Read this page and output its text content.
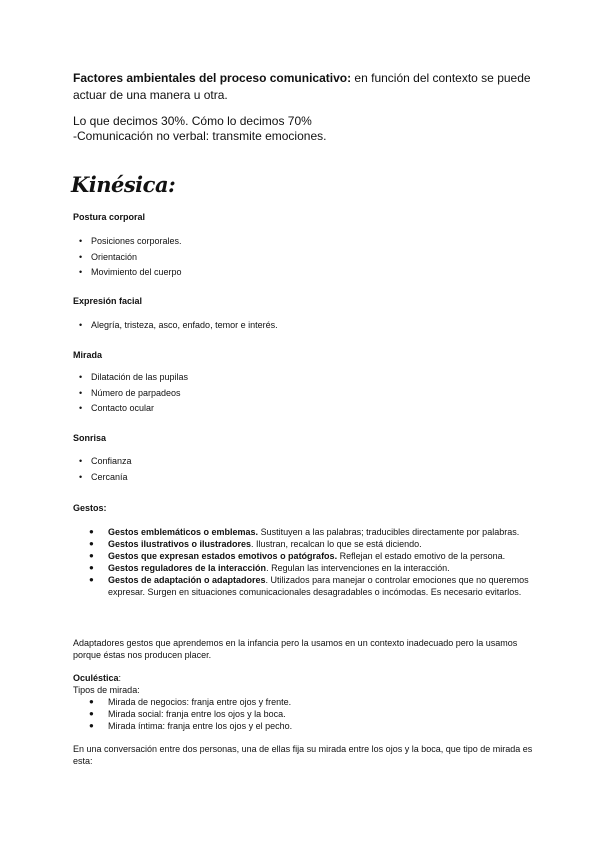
Factores ambientales del proceso comunicativo: en función del contexto se puede actuar de una manera u otra.
Lo que decimos 30%. Cómo lo decimos 70%
-Comunicación no verbal: transmite emociones.
Kinésica:
Postura corporal
• Posiciones corporales.
• Orientación
• Movimiento del cuerpo
Expresión facial
• Alegría, tristeza, asco, enfado, temor e interés.
Mirada
• Dilatación de las pupilas
• Número de parpadeos
• Contacto ocular
Sonrisa
• Confianza
• Cercanía
Gestos:
● Gestos emblemáticos o emblemas. Sustituyen a las palabras; traducibles directamente por palabras.
● Gestos ilustrativos o ilustradores. Ilustran, recalcan lo que se está diciendo.
● Gestos que expresan estados emotivos o patógrafos. Reflejan el estado emotivo de la persona.
● Gestos reguladores de la interacción. Regulan las intervenciones en la interacción.
● Gestos de adaptación o adaptadores. Utilizados para manejar o controlar emociones que no queremos expresar. Surgen en situaciones comunicacionales desagradables o incómodas. Es necesario evitarlos.
Adaptadores gestos que aprendemos en la infancia pero la usamos en un contexto inadecuado pero la usamos porque éstas nos producen placer.
Oculéstica:
Tipos de mirada:
● Mirada de negocios: franja entre ojos y frente.
● Mirada social: franja entre los ojos y la boca.
● Mirada íntima: franja entre los ojos y el pecho.
En una conversación entre dos personas, una de ellas fija su mirada entre los ojos y la boca, que tipo de mirada es esta:
